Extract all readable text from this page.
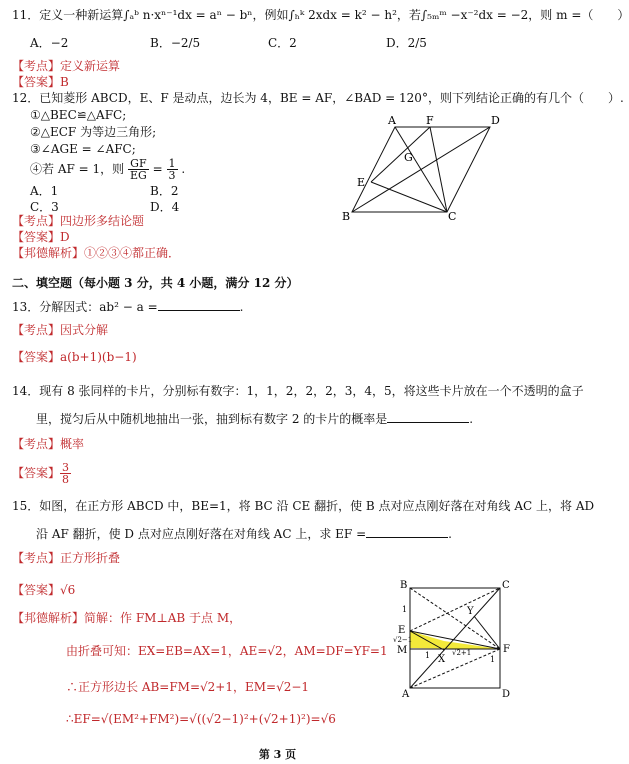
11．定义一种新运算∫ₐᵇ n·xⁿ⁻¹dx = aⁿ − bⁿ，例如∫ₕᵏ 2xdx = k² − h²，若∫₅ₘᵐ −x⁻²dx = −2，则 m =（　　）
A．−2	B．−2/5	C．2	D．2/5
【考点】定义新运算
【答案】B
12．已知菱形 ABCD，E、F 是动点，边长为 4，BE = AF，∠BAD = 120°，则下列结论正确的有几个（　　）.
①△BEC≌△AFC;
②△ECF 为等边三角形;
③∠AGE = ∠AFC;
④若 AF = 1，则 $\frac{GF}{EG} = \frac{1}{3}$ .
A．1	B．2
C．3	D．4
【考点】四边形多结论题
【答案】D
【邦德解析】①②③④都正确．
A	F	D
G
E
B	C
二、填空题（每小题 3 分，共 4 小题，满分 12 分）
13．分解因式：ab² − a =	.
【考点】因式分解
【答案】a(b+1)(b−1)
14．现有 8 张同样的卡片，分别标有数字：1，1，2，2，2，3，4，5，将这些卡片放在一个不透明的盒子
里，搅匀后从中随机地抽出一张，抽到标有数字 2 的卡片的概率是	.
【考点】概率
【答案】 $\frac{3}{8}$
15．如图，在正方形 ABCD 中，BE=1，将 BC 沿 CE 翻折，使 B 点对应点刚好落在对角线 AC 上，将 AD
沿 AF 翻折，使 D 点对应点刚好落在对角线 AC 上，求 EF =	.
【考点】正方形折叠
【答案】√6
【邦德解析】简解：作 FM⊥AB 于点 M，
由折叠可知：EX=EB=AX=1，AE=√2，AM=DF=YF=1
∴正方形边长 AB=FM=√2+1，EM=√2−1
∴EF=√(EM²+FM²)=√((√2−1)²+(√2+1)²)=√6
B	C
E
M
A	D
F
X
Y
1
1	1
√2−1
√2+1
第 3 页
